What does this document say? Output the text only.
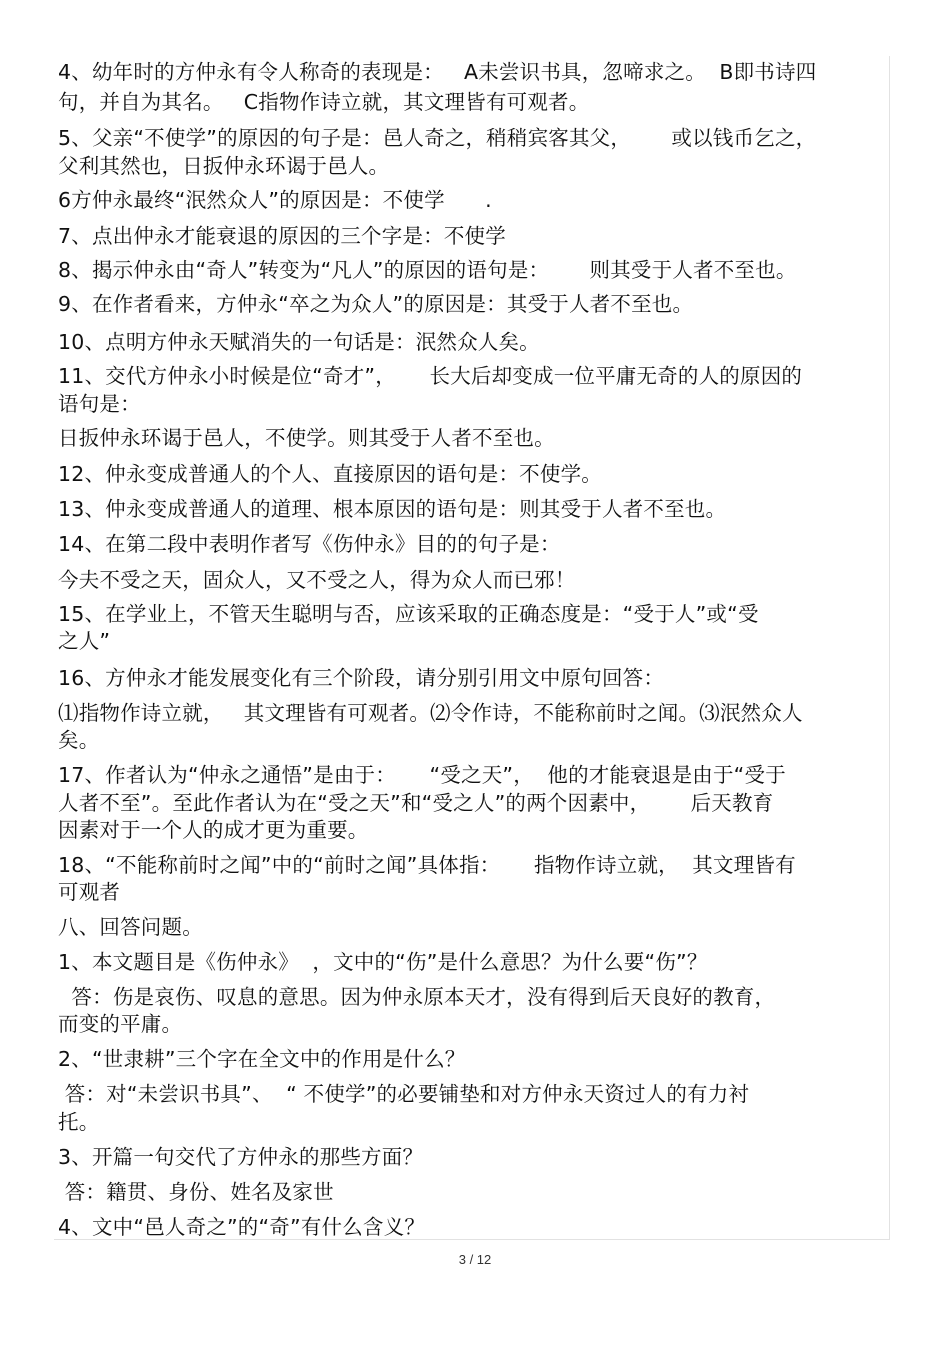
4、幼年时的方仲永有令人称奇的表现是：   A未尝识书具，忽啼求之。  B即书诗四
句，并自为其名。   C指物作诗立就，其文理皆有可观者。
5、父亲“不使学”的原因的句子是：邑人奇之，稍稍宾客其父，      或以钱币乞之，
父利其然也，日扳仲永环谒于邑人。
6方仲永最终“泯然众人”的原因是：不使学      .
7、点出仲永才能衰退的原因的三个字是：不使学
8、揭示仲永由“奇人”转变为“凡人”的原因的语句是：      则其受于人者不至也。
9、在作者看来，方仲永“卒之为众人”的原因是：其受于人者不至也。
10、点明方仲永天赋消失的一句话是：泯然众人矣。
11、交代方仲永小时候是位“奇才”，     长大后却变成一位平庸无奇的人的原因的
语句是：
日扳仲永环谒于邑人，不使学。则其受于人者不至也。
12、仲永变成普通人的个人、直接原因的语句是：不使学。
13、仲永变成普通人的道理、根本原因的语句是：则其受于人者不至也。
14、在第二段中表明作者写《伤仲永》目的的句子是：
今夫不受之天，固众人，又不受之人，得为众人而已邪！
15、在学业上，不管天生聪明与否，应该采取的正确态度是：“受于人”或“受
之人”
16、方仲永才能发展变化有三个阶段，请分别引用文中原句回答：
⑴指物作诗立就，   其文理皆有可观者。⑵令作诗，不能称前时之闻。⑶泯然众人
矣。
17、作者认为“仲永之通悟”是由于：     “受之天”，  他的才能衰退是由于“受于
人者不至”。至此作者认为在“受之天”和“受之人”的两个因素中，      后天教育
因素对于一个人的成才更为重要。
18、“不能称前时之闻”中的“前时之闻”具体指：     指物作诗立就，  其文理皆有
可观者
八、回答问题。
1、本文题目是《伤仲永》  ，文中的“伤”是什么意思？为什么要“伤”？
答：伤是哀伤、叹息的意思。因为仲永原本天才，没有得到后天良好的教育，
而变的平庸。
2、“世隶耕”三个字在全文中的作用是什么？
答：对“未尝识书具”、  “ 不使学”的必要铺垫和对方仲永天资过人的有力衬
托。
3、开篇一句交代了方仲永的那些方面？
答：籍贯、身份、姓名及家世
4、文中“邑人奇之”的“奇”有什么含义？
3 / 12
